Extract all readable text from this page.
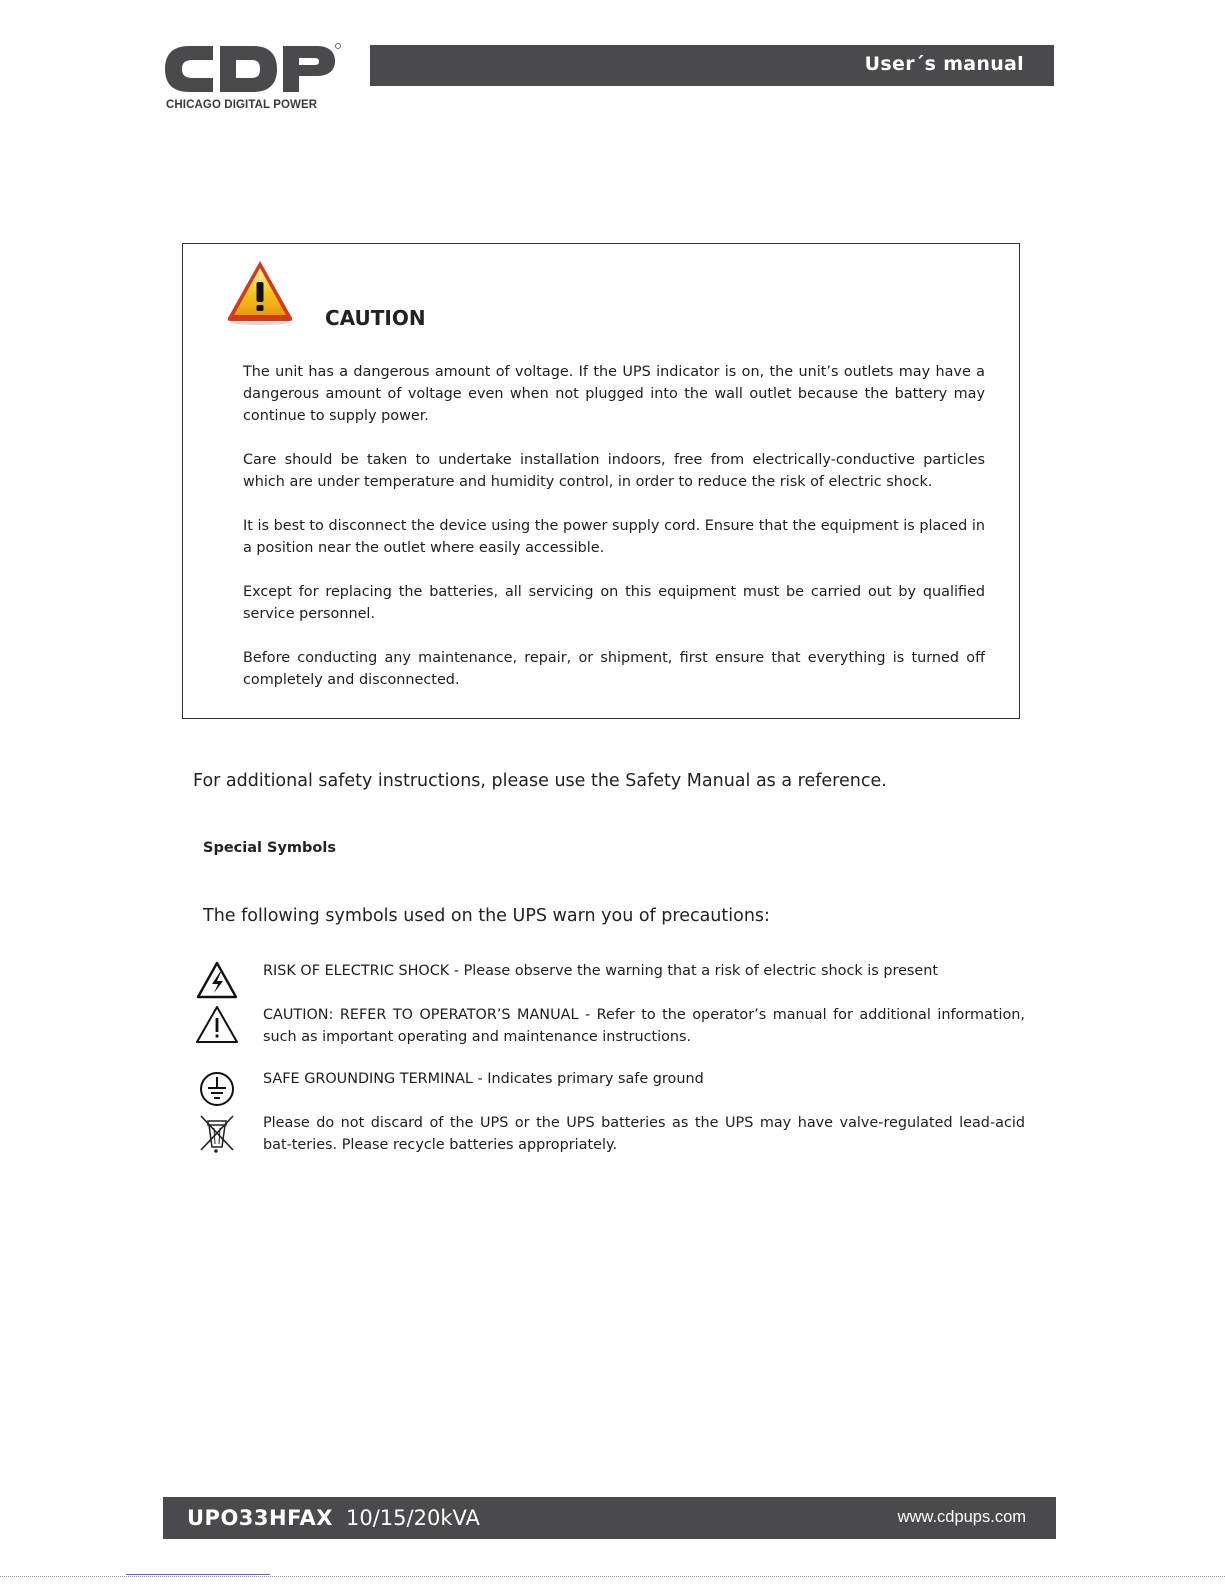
CHICAGO DIGITAL POWER
User´s manual
CAUTION

The unit has a dangerous amount of voltage. If the UPS indicator is on, the unit’s outlets may have a dangerous amount of voltage even when not plugged into the wall outlet because the battery may continue to supply power.

Care should be taken to undertake installation indoors, free from electrically-conductive particles which are under temperature and humidity control, in order to reduce the risk of electric shock.

It is best to disconnect the device using the power supply cord. Ensure that the equipment is placed in a position near the outlet where easily accessible.

Except for replacing the batteries, all servicing on this equipment must be carried out by qualified service personnel.

Before conducting any maintenance, repair, or shipment, first ensure that everything is turned off completely and disconnected.

For additional safety instructions, please use the Safety Manual as a reference.
Special Symbols
The following symbols used on the UPS warn you of precautions:
RISK OF ELECTRIC SHOCK - Please observe the warning that a risk of electric shock is present
CAUTION: REFER TO OPERATOR’S MANUAL - Refer to the operator’s manual for additional information, such as important operating and maintenance instructions.
SAFE GROUNDING TERMINAL - Indicates primary safe ground
Please do not discard of the UPS or the UPS batteries as the UPS may have valve-regulated lead-acid bat-teries. Please recycle batteries appropriately.
UPO33HFAX 10/15/20kVA	www.cdpups.com
